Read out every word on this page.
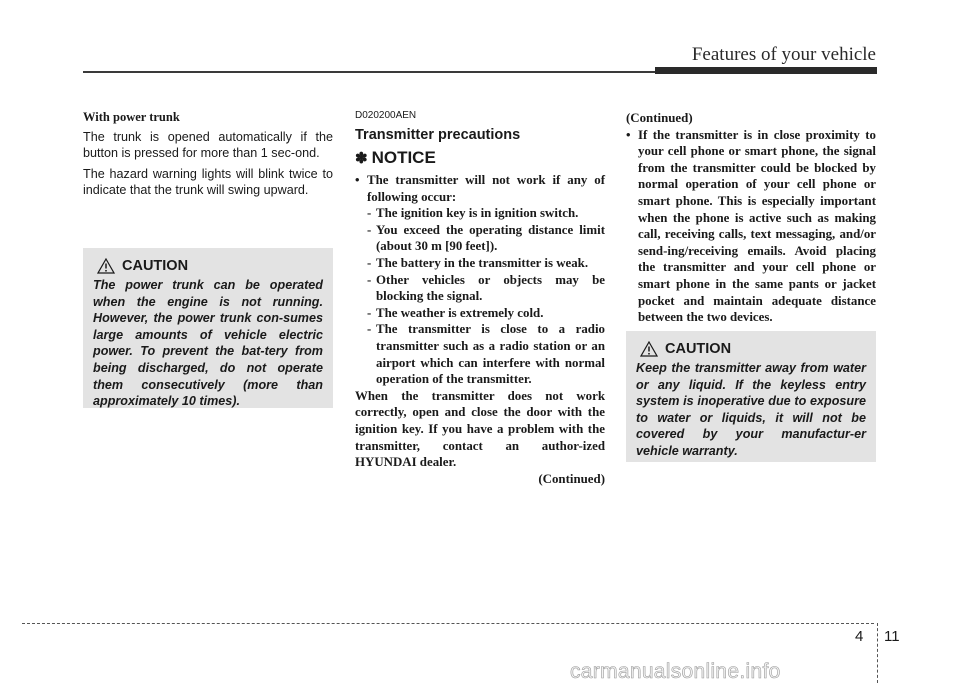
Features of your vehicle

With power trunk

The trunk is opened automatically if the button is pressed for more than 1 sec-ond.

The hazard warning lights will blink twice to indicate that the trunk will swing upward.

CAUTION
The power trunk can be operated when the engine is not running. However, the power trunk con-sumes large amounts of vehicle electric power. To prevent the bat-tery from being discharged, do not operate them consecutively (more than approximately 10 times).
D020200AEN
Transmitter precautions
✽ NOTICE
• The transmitter will not work if any of following occur:
- The ignition key is in ignition switch.
- You exceed the operating distance limit (about 30 m [90 feet]).
- The battery in the transmitter is weak.
- Other vehicles or objects may be blocking the signal.
- The weather is extremely cold.
- The transmitter is close to a radio transmitter such as a radio station or an airport which can interfere with normal operation of the transmitter.
When the transmitter does not work correctly, open and close the door with the ignition key. If you have a problem with the transmitter, contact an author-ized HYUNDAI dealer.
(Continued)
(Continued)
• If the transmitter is in close proximity to your cell phone or smart phone, the signal from the transmitter could be blocked by normal operation of your cell phone or smart phone. This is especially important when the phone is active such as making call, receiving calls, text messaging, and/or send-ing/receiving emails. Avoid placing the transmitter and your cell phone or smart phone in the same pants or jacket pocket and maintain adequate distance between the two devices.
CAUTION
Keep the transmitter away from water or any liquid. If the keyless entry system is inoperative due to exposure to water or liquids, it will not be covered by your manufactur-er vehicle warranty.
4 11
carmanualsonline.info
